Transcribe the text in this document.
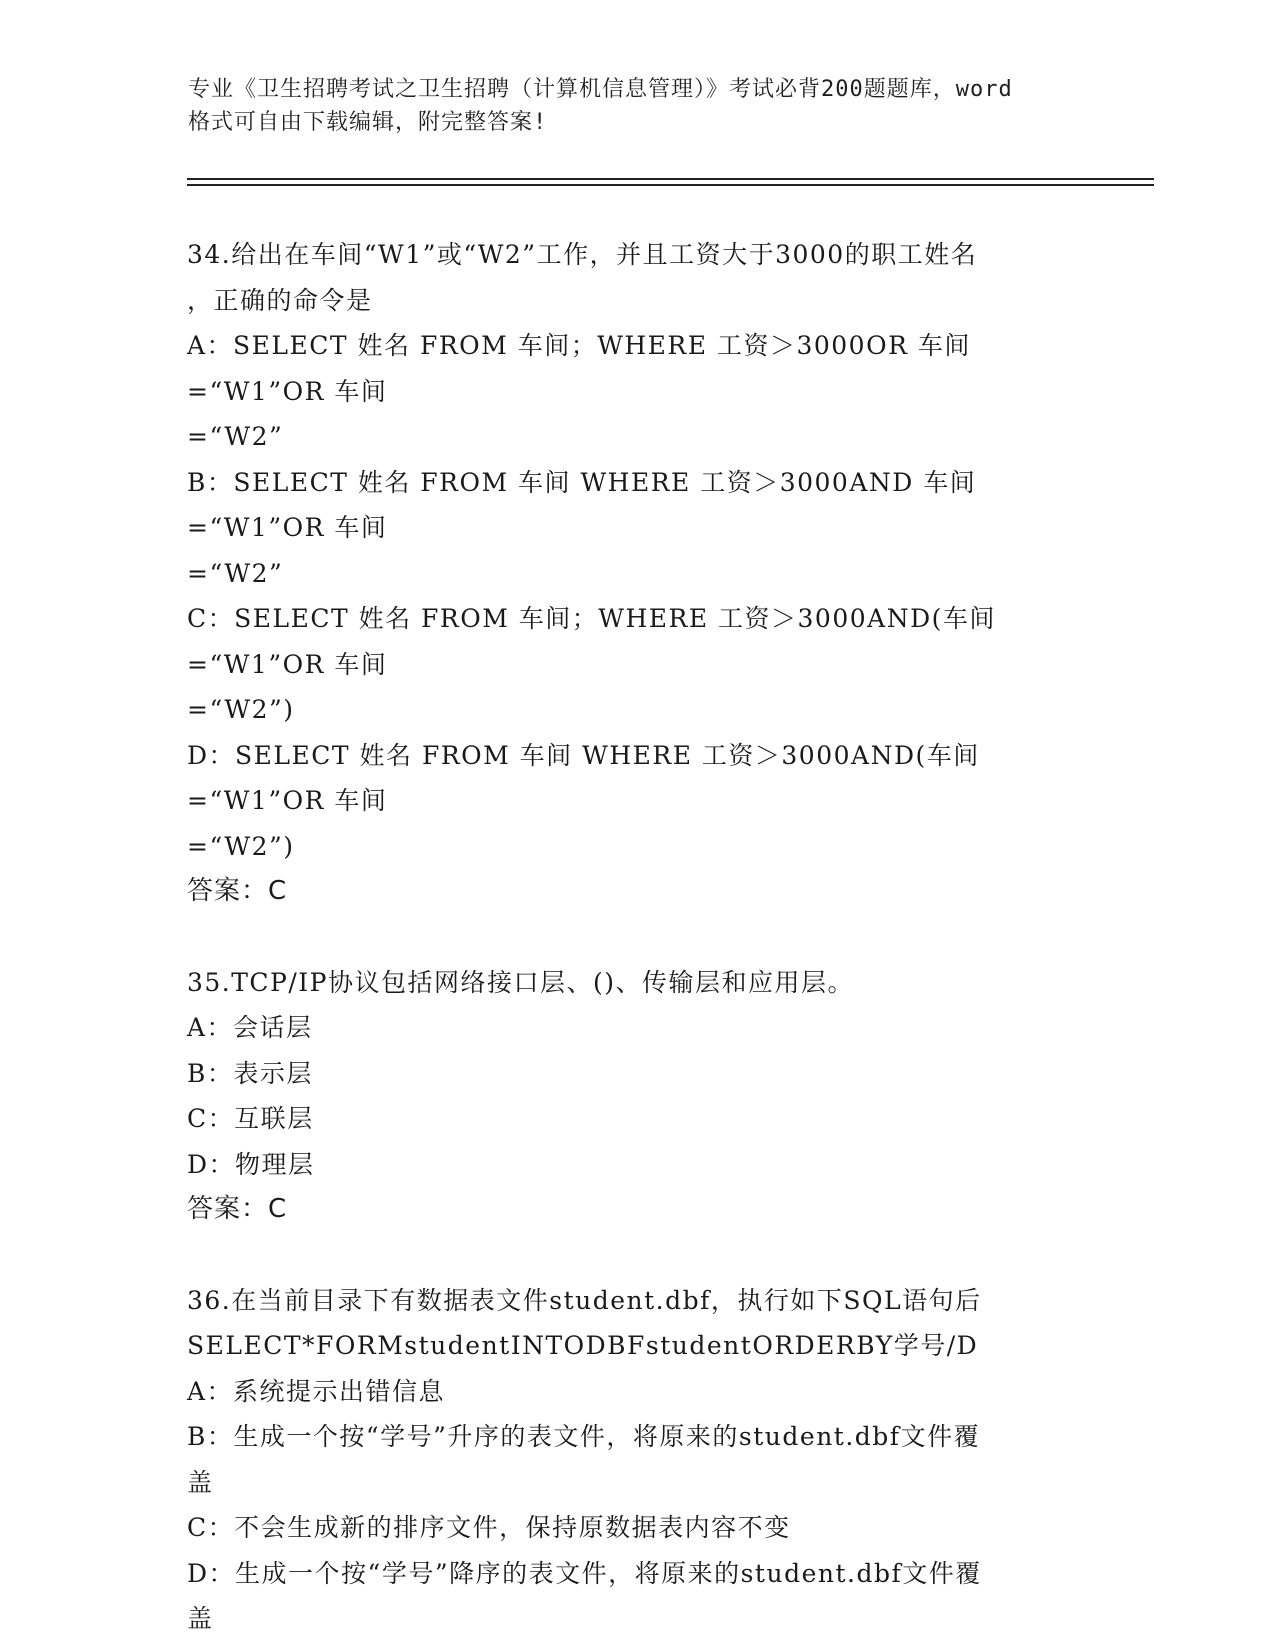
专业《卫生招聘考试之卫生招聘（计算机信息管理）》考试必背200题题库，word
格式可自由下载编辑，附完整答案!
34.给出在车间“W1”或“W2”工作，并且工资大于3000的职工姓名
，正确的命令是
A：SELECT 姓名 FROM 车间；WHERE 工资＞3000OR 车间=“W1”OR 车间
=“W2”
B：SELECT 姓名 FROM 车间 WHERE 工资＞3000AND 车间=“W1”OR 车间
=“W2”
C：SELECT 姓名 FROM 车间；WHERE 工资＞3000AND(车间=“W1”OR 车间
=“W2”)
D：SELECT 姓名 FROM 车间 WHERE 工资＞3000AND(车间=“W1”OR 车间
=“W2”)
答案：C
35.TCP/IP协议包括网络接口层、()、传输层和应用层。
A：会话层
B：表示层
C：互联层
D：物理层
答案：C
36.在当前目录下有数据表文件student.dbf，执行如下SQL语句后
SELECT*FORMstudentINTODBFstudentORDERBY学号/D
A：系统提示出错信息
B：生成一个按“学号”升序的表文件，将原来的student.dbf文件覆
盖
C：不会生成新的排序文件，保持原数据表内容不变
D：生成一个按“学号”降序的表文件，将原来的student.dbf文件覆
盖
